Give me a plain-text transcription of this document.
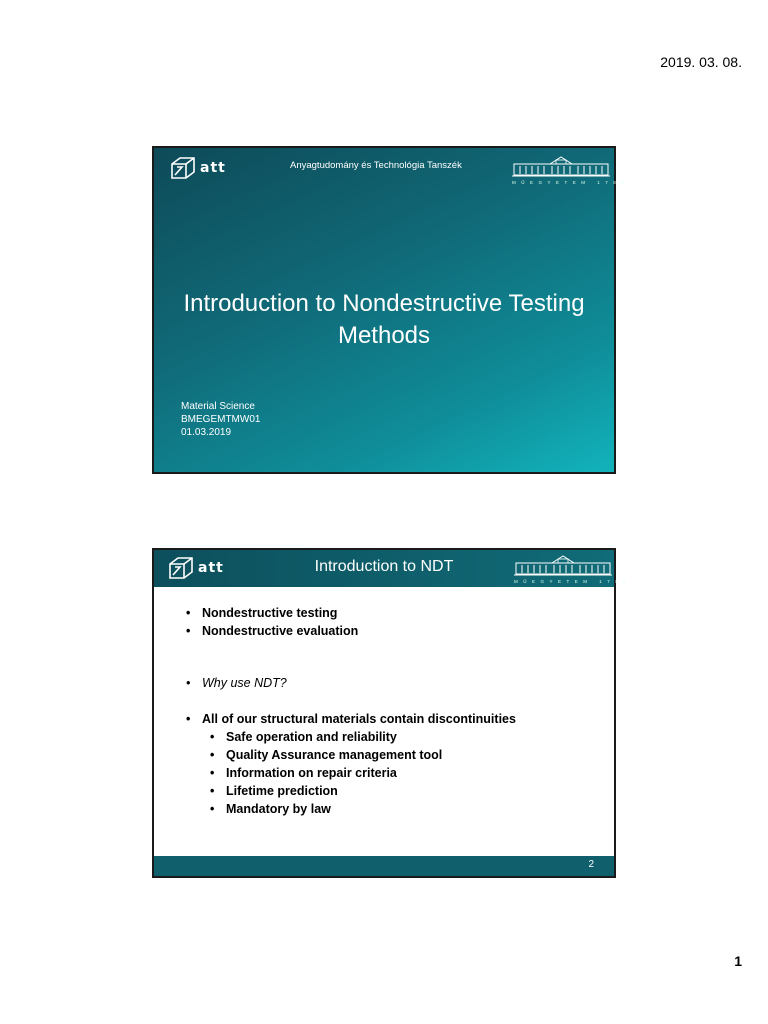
2019. 03. 08.
att	Anyagtudomány és Technológia Tanszék
MŰEGYETEM 1782
Introduction to Nondestructive Testing
Methods
Material Science
BMEGEMTMW01
01.03.2019
att	Introduction to NDT
MŰEGYETEM 1782
• Nondestructive testing
• Nondestructive evaluation
• Why use NDT?
• All of our structural materials contain discontinuities
• Safe operation and reliability
• Quality Assurance management tool
• Information on repair criteria
• Lifetime prediction
• Mandatory by law
2
1
